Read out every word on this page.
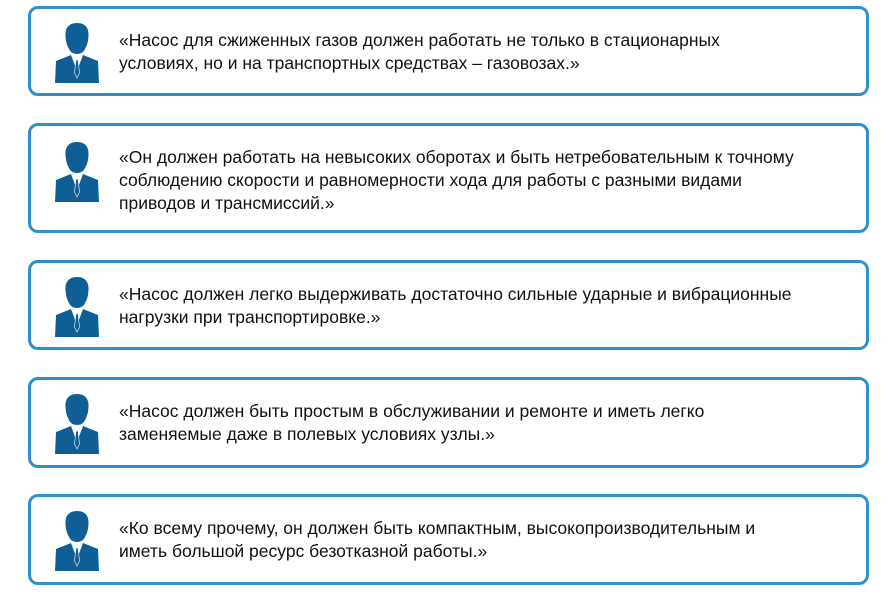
«Насос для сжиженных газов должен работать не только в стационарных
условиях, но и на транспортных средствах – газовозах.»
«Он должен работать на невысоких оборотах и быть нетребовательным к точному
соблюдению скорости и равномерности хода для работы с разными видами
приводов и трансмиссий.»
«Насос должен легко выдерживать достаточно сильные ударные и вибрационные
нагрузки при транспортировке.»
«Насос должен быть простым в обслуживании и ремонте и иметь легко
заменяемые даже в полевых условиях узлы.»
«Ко всему прочему, он должен быть компактным, высокопроизводительным и
иметь большой ресурс безотказной работы.»
